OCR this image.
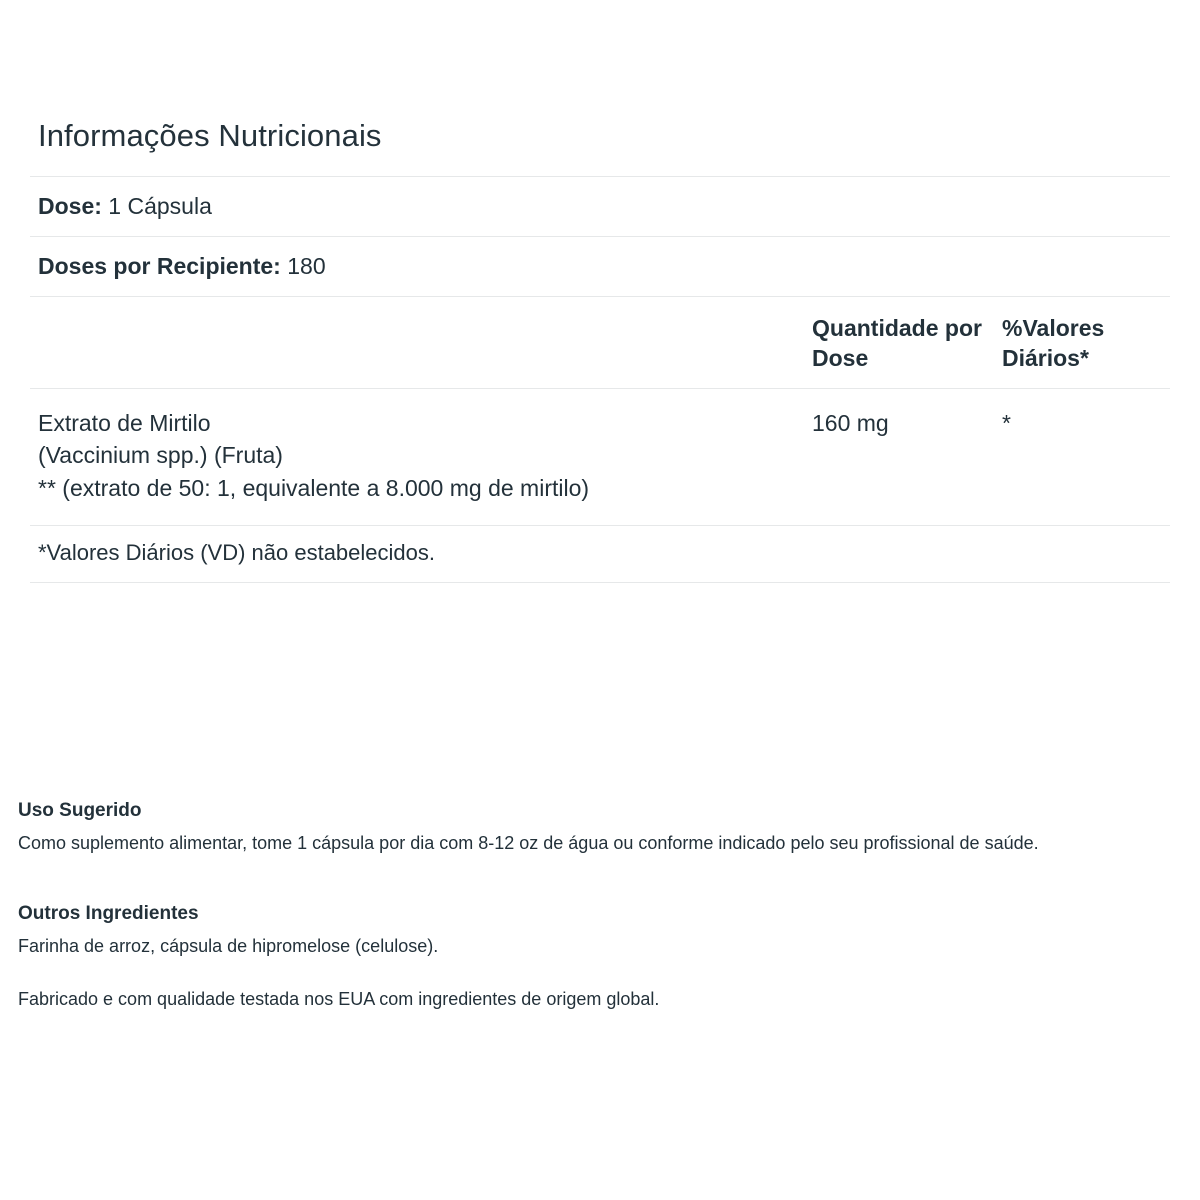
Informações Nutricionais
Dose: 1 Cápsula
Doses por Recipiente: 180
Quantidade por Dose
%Valores Diários*
Extrato de Mirtilo
(Vaccinium spp.) (Fruta)
** (extrato de 50: 1, equivalente a 8.000 mg de mirtilo)
160 mg	*
*Valores Diários (VD) não estabelecidos.
Uso Sugerido

Como suplemento alimentar, tome 1 cápsula por dia com 8-12 oz de água ou conforme indicado pelo seu profissional de saúde.

Outros Ingredientes

Farinha de arroz, cápsula de hipromelose (celulose).

Fabricado e com qualidade testada nos EUA com ingredientes de origem global.
